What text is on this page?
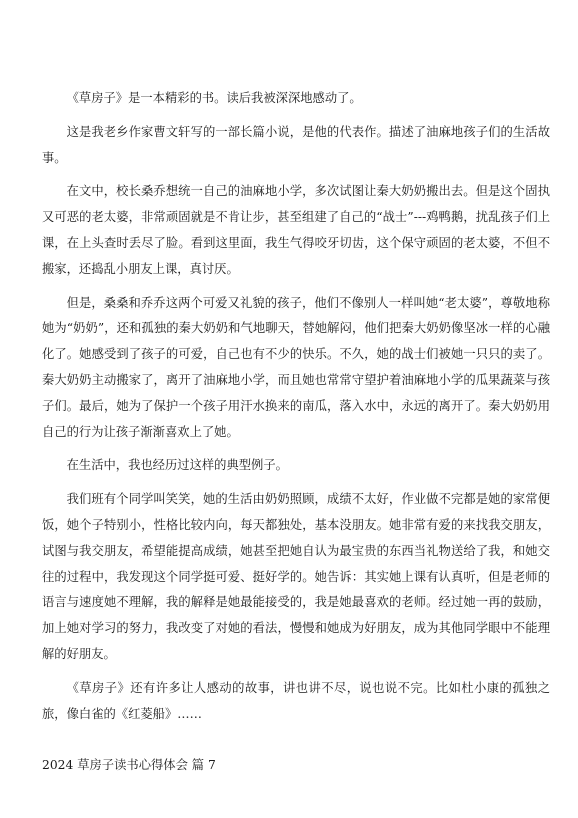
《草房子》是一本精彩的书。读后我被深深地感动了。

这是我老乡作家曹文轩写的一部长篇小说，是他的代表作。描述了油麻地孩子们的生活故事。

在文中，校长桑乔想统一自己的油麻地小学，多次试图让秦大奶奶搬出去。但是这个固执又可恶的老太婆，非常顽固就是不肯让步，甚至组建了自己的“战士”---鸡鸭鹅，扰乱孩子们上课，在上头查时丢尽了脸。看到这里面，我生气得咬牙切齿，这个保守顽固的老太婆，不但不搬家，还捣乱小朋友上课，真讨厌。

但是，桑桑和乔乔这两个可爱又礼貌的孩子，他们不像别人一样叫她“老太婆”，尊敬地称她为“奶奶”，还和孤独的秦大奶奶和气地聊天，替她解闷，他们把秦大奶奶像坚冰一样的心融化了。她感受到了孩子的可爱，自己也有不少的快乐。不久，她的战士们被她一只只的卖了。秦大奶奶主动搬家了，离开了油麻地小学，而且她也常常守望护着油麻地小学的瓜果蔬菜与孩子们。最后，她为了保护一个孩子用汗水换来的南瓜，落入水中，永远的离开了。秦大奶奶用自己的行为让孩子渐渐喜欢上了她。

在生活中，我也经历过这样的典型例子。

我们班有个同学叫笑笑，她的生活由奶奶照顾，成绩不太好，作业做不完都是她的家常便饭，她个子特别小，性格比较内向，每天都独处，基本没朋友。她非常有爱的来找我交朋友，试图与我交朋友，希望能提高成绩，她甚至把她自认为最宝贵的东西当礼物送给了我，和她交往的过程中，我发现这个同学挺可爱、挺好学的。她告诉：其实她上课有认真听，但是老师的语言与速度她不理解，我的解释是她最能接受的，我是她最喜欢的老师。经过她一再的鼓励，加上她对学习的努力，我改变了对她的看法，慢慢和她成为好朋友，成为其他同学眼中不能理解的好朋友。

《草房子》还有许多让人感动的故事，讲也讲不尽，说也说不完。比如杜小康的孤独之旅，像白雀的《红菱船》……

2024 草房子读书心得体会 篇 7
